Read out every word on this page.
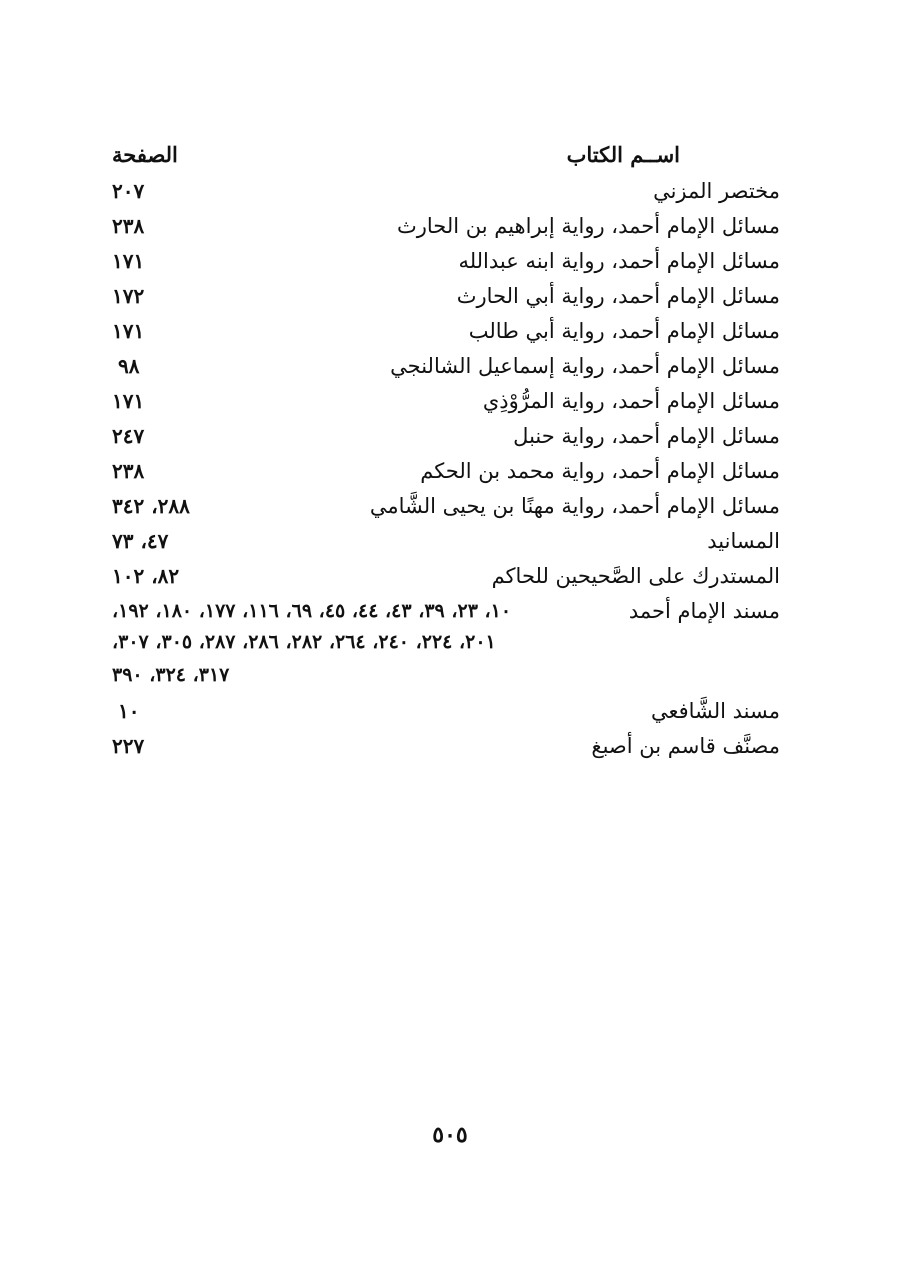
اســم الكتاب
الصفحة
مختصر المزني
٢٠٧
مسائل الإمام أحمد، رواية إبراهيم بن الحارث
٢٣٨
مسائل الإمام أحمد، رواية ابنه عبدالله
١٧١
مسائل الإمام أحمد، رواية أبي الحارث
١٧٢
مسائل الإمام أحمد، رواية أبي طالب
١٧١
مسائل الإمام أحمد، رواية إسماعيل الشالنجي
٩٨
مسائل الإمام أحمد، رواية المرُّوْذِي
١٧١
مسائل الإمام أحمد، رواية حنبل
٢٤٧
مسائل الإمام أحمد، رواية محمد بن الحكم
٢٣٨
مسائل الإمام أحمد، رواية مهنًا بن يحيى الشَّامي
٢٨٨، ٣٤٢
المسانيد
٤٧، ٧٣
المستدرك على الصَّحيحين للحاكم
٨٢، ١٠٢
مسند الإمام أحمد
١٠، ٢٣، ٣٩، ٤٣، ٤٤، ٤٥، ٦٩، ١١٦، ١٧٧، ١٨٠، ١٩٢،
٢٠١، ٢٢٤، ٢٤٠، ٢٦٤، ٢٨٢، ٢٨٦، ٢٨٧، ٣٠٥، ٣٠٧،
٣١٧، ٣٢٤، ٣٩٠
مسند الشَّافعي
١٠
مصنَّف قاسم بن أصبغ
٢٢٧
٥٠٥
